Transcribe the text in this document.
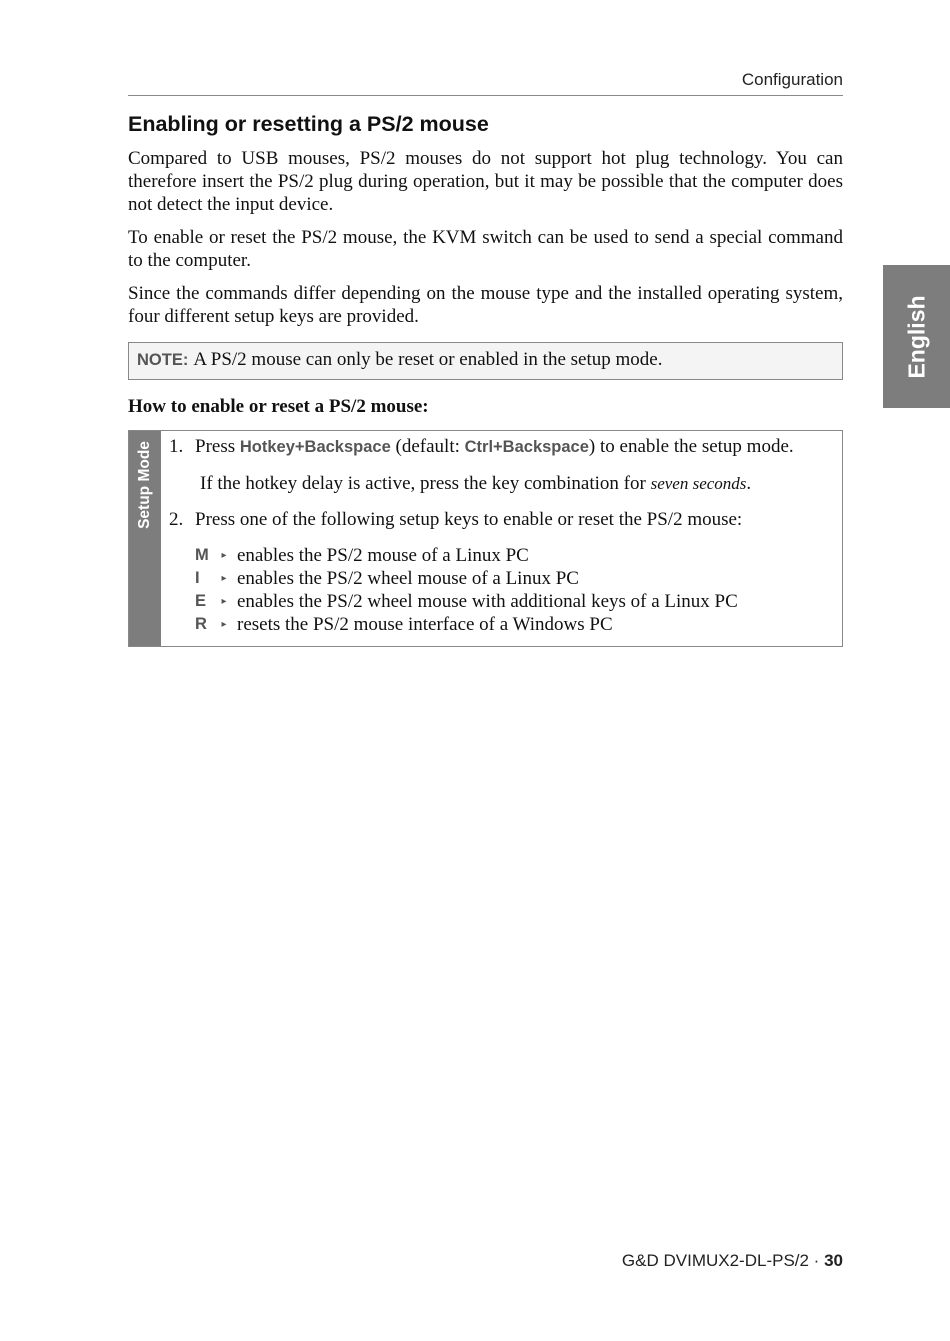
Configuration
English
Enabling or resetting a PS/2 mouse

Compared to USB mouses, PS/2 mouses do not support hot plug technology. You can therefore insert the PS/2 plug during operation, but it may be possible that the computer does not detect the input device.

To enable or reset the PS/2 mouse, the KVM switch can be used to send a special command to the computer.

Since the commands differ depending on the mouse type and the installed operating system, four different setup keys are provided.

NOTE: A PS/2 mouse can only be reset or enabled in the setup mode.
How to enable or reset a PS/2 mouse:
Setup Mode 1. Press Hotkey+Backspace (default: Ctrl+Backspace) to enable the setup mode.
If the hotkey delay is active, press the key combination for seven seconds.
2. Press one of the following setup keys to enable or reset the PS/2 mouse:
M	▸ enables the PS/2 mouse of a Linux PC
I	▸ enables the PS/2 wheel mouse of a Linux PC
E	▸ enables the PS/2 wheel mouse with additional keys of a Linux PC
R	▸ resets the PS/2 mouse interface of a Windows PC
G&D DVIMUX2-DL-PS/2 · 30
